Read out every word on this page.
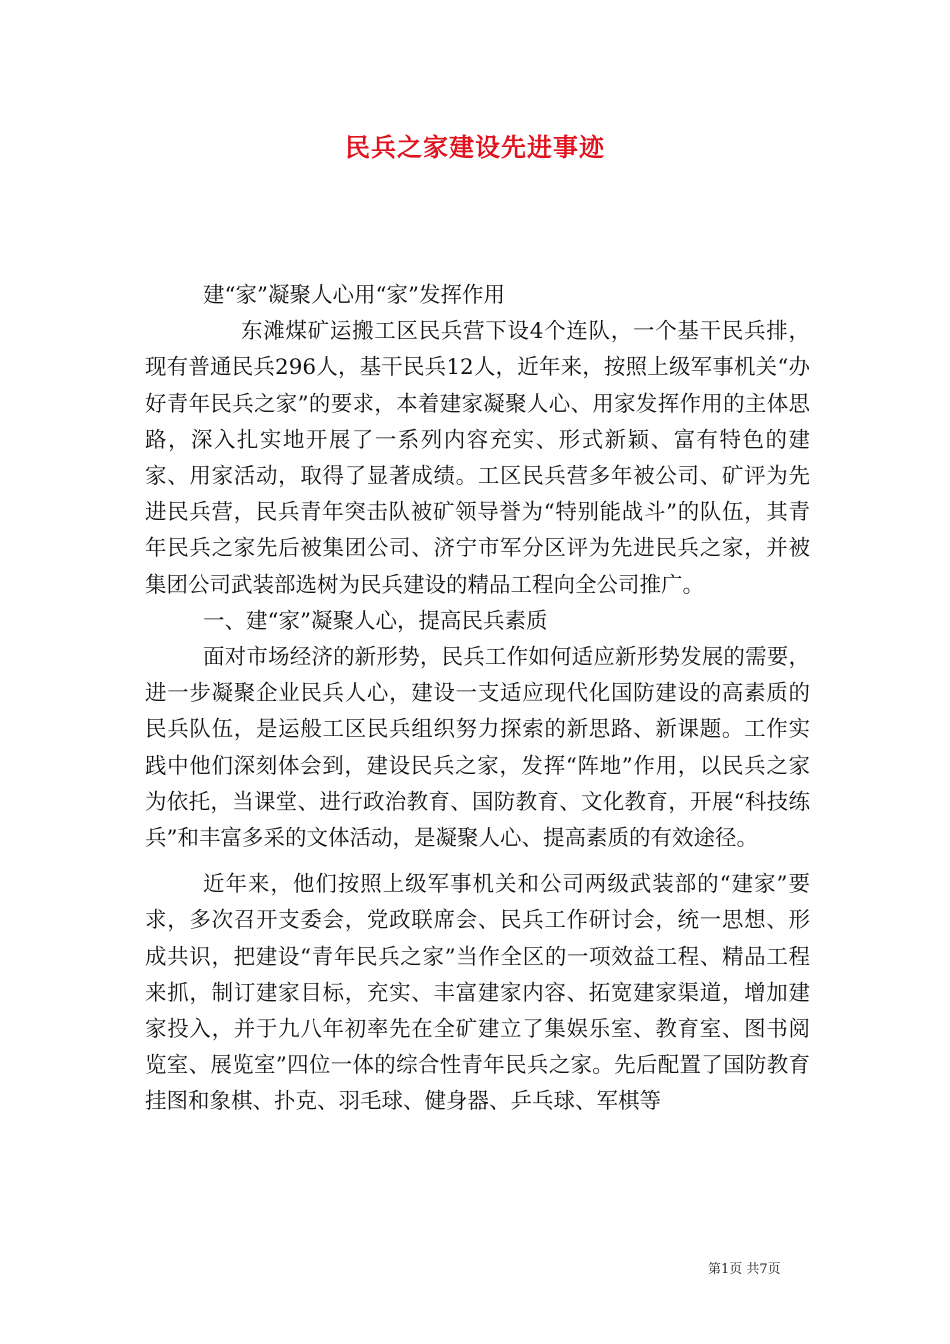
民兵之家建设先进事迹

建“家”凝聚人心用“家”发挥作用

东滩煤矿运搬工区民兵营下设4个连队，一个基干民兵排，现有普通民兵296人，基干民兵12人，近年来，按照上级军事机关“办好青年民兵之家”的要求，本着建家凝聚人心、用家发挥作用的主体思路，深入扎实地开展了一系列内容充实、形式新颖、富有特色的建家、用家活动，取得了显著成绩。工区民兵营多年被公司、矿评为先进民兵营，民兵青年突击队被矿领导誉为“特别能战斗”的队伍，其青年民兵之家先后被集团公司、济宁市军分区评为先进民兵之家，并被集团公司武装部选树为民兵建设的精品工程向全公司推广。

一、建“家”凝聚人心，提高民兵素质

面对市场经济的新形势，民兵工作如何适应新形势发展的需要，进一步凝聚企业民兵人心，建设一支适应现代化国防建设的高素质的民兵队伍，是运般工区民兵组织努力探索的新思路、新课题。工作实践中他们深刻体会到，建设民兵之家，发挥“阵地”作用，以民兵之家为依托，当课堂、进行政治教育、国防教育、文化教育，开展“科技练兵”和丰富多采的文体活动，是凝聚人心、提高素质的有效途径。

近年来，他们按照上级军事机关和公司两级武装部的“建家”要求，多次召开支委会，党政联席会、民兵工作研讨会，统一思想、形成共识，把建设“青年民兵之家”当作全区的一项效益工程、精品工程来抓，制订建家目标，充实、丰富建家内容、拓宽建家渠道，增加建家投入，并于九八年初率先在全矿建立了集娱乐室、教育室、图书阅览室、展览室”四位一体的综合性青年民兵之家。先后配置了国防教育挂图和象棋、扑克、羽毛球、健身器、乒乓球、军棋等

第1页 共7页
